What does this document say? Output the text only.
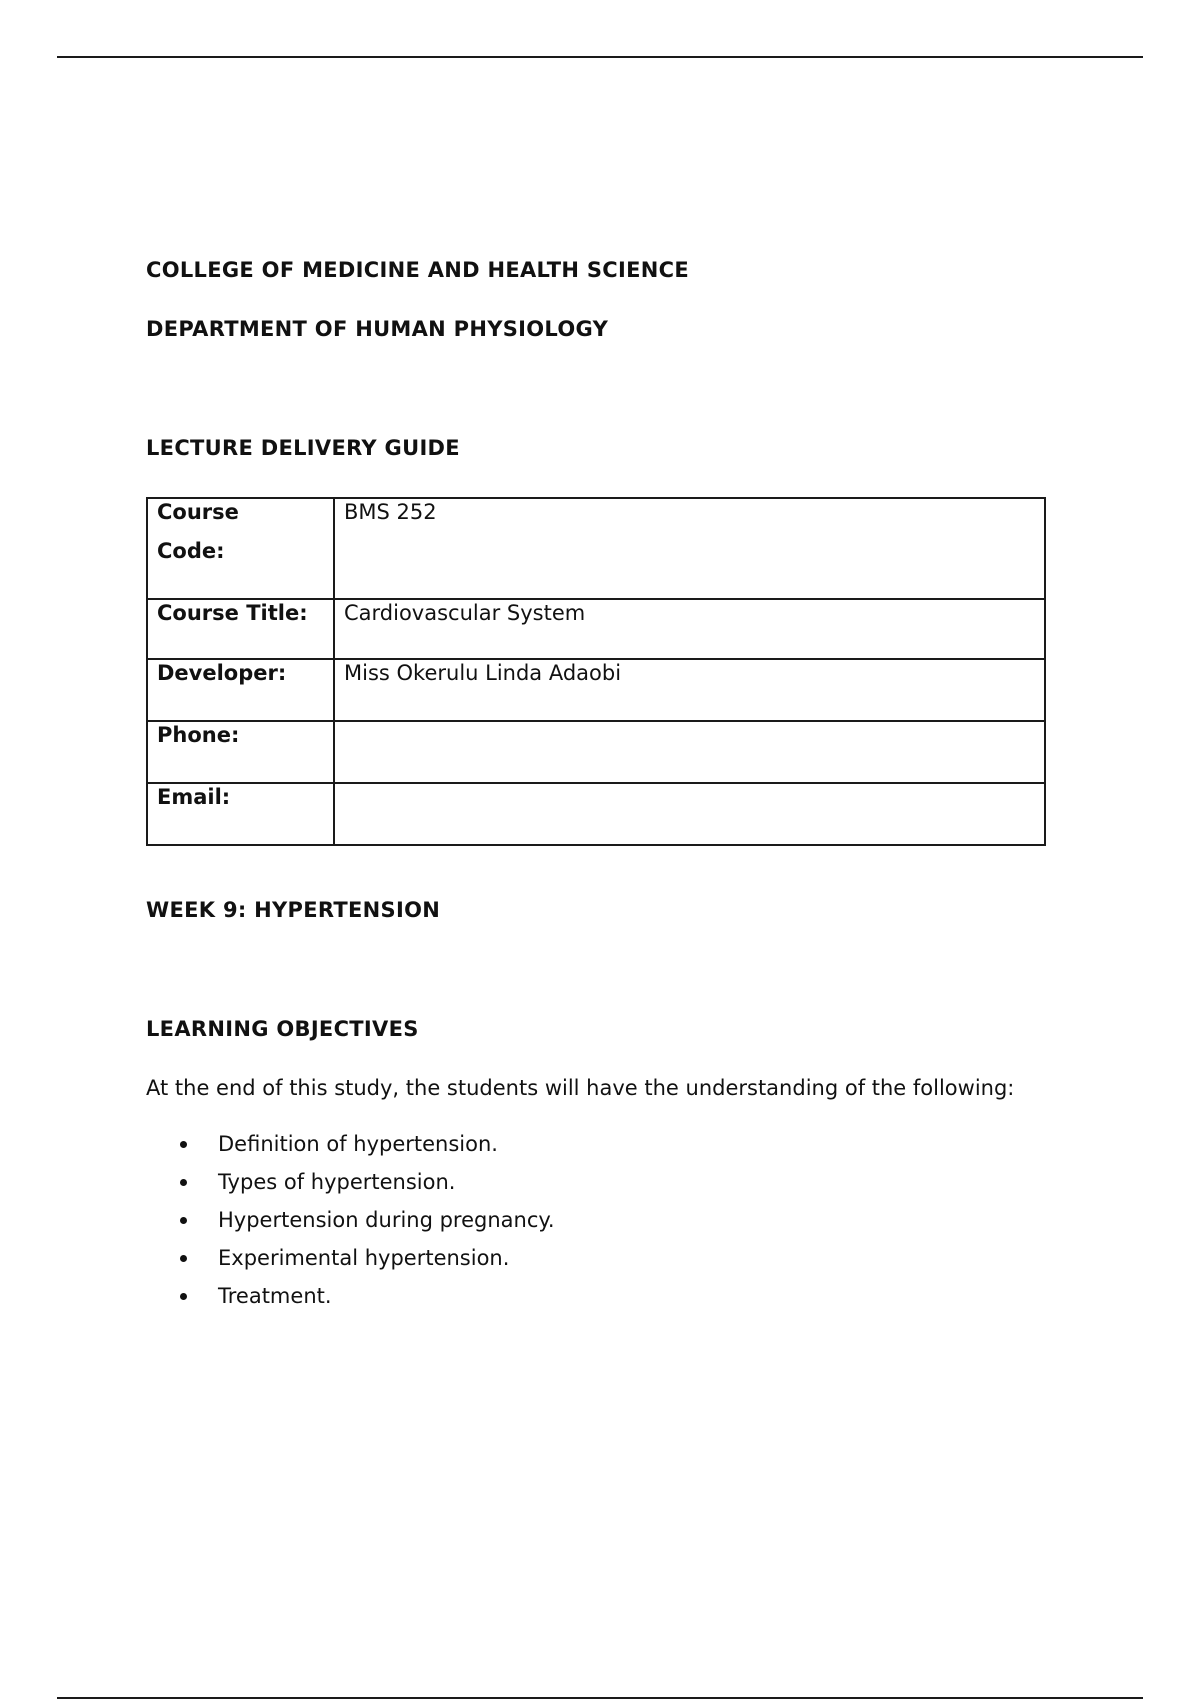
COLLEGE OF MEDICINE AND HEALTH SCIENCE
DEPARTMENT OF HUMAN PHYSIOLOGY
LECTURE DELIVERY GUIDE
Course Code:	BMS 252

Course Title:	Cardiovascular System

Developer:	Miss Okerulu Linda Adaobi

Phone:	

Email:	

WEEK 9: HYPERTENSION
LEARNING OBJECTIVES

At the end of this study, the students will have the understanding of the following:

Definition of hypertension.
Types of hypertension.
Hypertension during pregnancy.
Experimental hypertension.
Treatment.
